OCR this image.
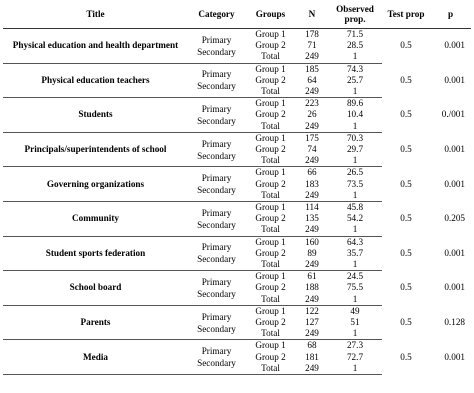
Title	Category	Groups	N	Observed prop.	Test prop	p
Physical education and health department	Primary Secondary	Group 1	178	71.5	0.5	0.001
		Group 2	71	28.5		
		Total	249	1		
Physical education teachers	Primary Secondary	Group 1	185	74.3	0.5	0.001
		Group 2	64	25.7		
		Total	249	1		
Students	Primary Secondary	Group 1	223	89.6	0.5	0./001
		Group 2	26	10.4		
		Total	249	1		
Principals/superintendents of school	Primary Secondary	Group 1	175	70.3	0.5	0.001
		Group 2	74	29.7		
		Total	249	1		
Governing organizations	Primary Secondary	Group 1	66	26.5	0.5	0.001
		Group 2	183	73.5		
		Total	249	1		
Community	Primary Secondary	Group 1	114	45.8	0.5	0.205
		Group 2	135	54.2		
		Total	249	1		
Student sports federation	Primary Secondary	Group 1	160	64.3	0.5	0.001
		Group 2	89	35.7		
		Total	249	1		
School board	Primary Secondary	Group 1	61	24.5	0.5	0.001
		Group 2	188	75.5		
		Total	249	1		
Parents	Primary Secondary	Group 1	122	49	0.5	0.128
		Group 2	127	51		
		Total	249	1		
Media	Primary Secondary	Group 1	68	27.3	0.5	0.001
		Group 2	181	72.7		
		Total	249	1		
